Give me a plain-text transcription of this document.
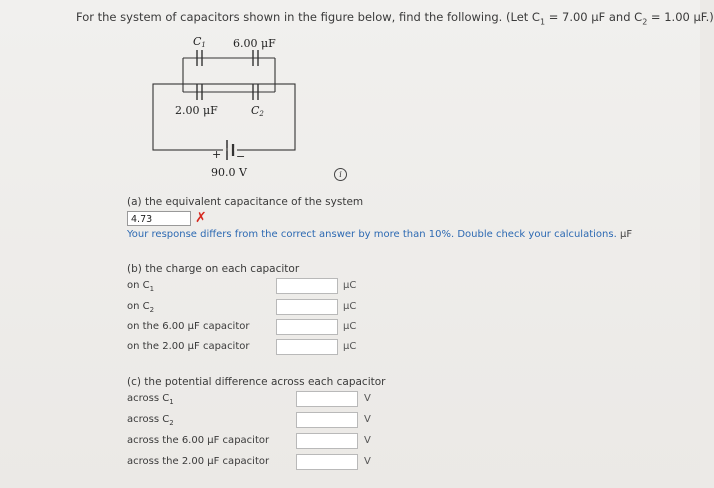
For the system of capacitors shown in the figure below, find the following. (Let $C_1 = 7.00$ μF and $C_2 = 1.00$ μF.)
C1 6.00 μF
2.00 μF	C2
+ −
90.0 V	i
(a) the equivalent capacitance of the system
4.73	✗
Your response differs from the correct answer by more than 10%. Double check your calculations. μF
(b) the charge on each capacitor
on $C_1$	μC
on $C_2$	μC
on the 6.00 μF capacitor	μC
on the 2.00 μF capacitor	μC
(c) the potential difference across each capacitor
across $C_1$	V
across $C_2$	V
across the 6.00 μF capacitor	V
across the 2.00 μF capacitor	V
